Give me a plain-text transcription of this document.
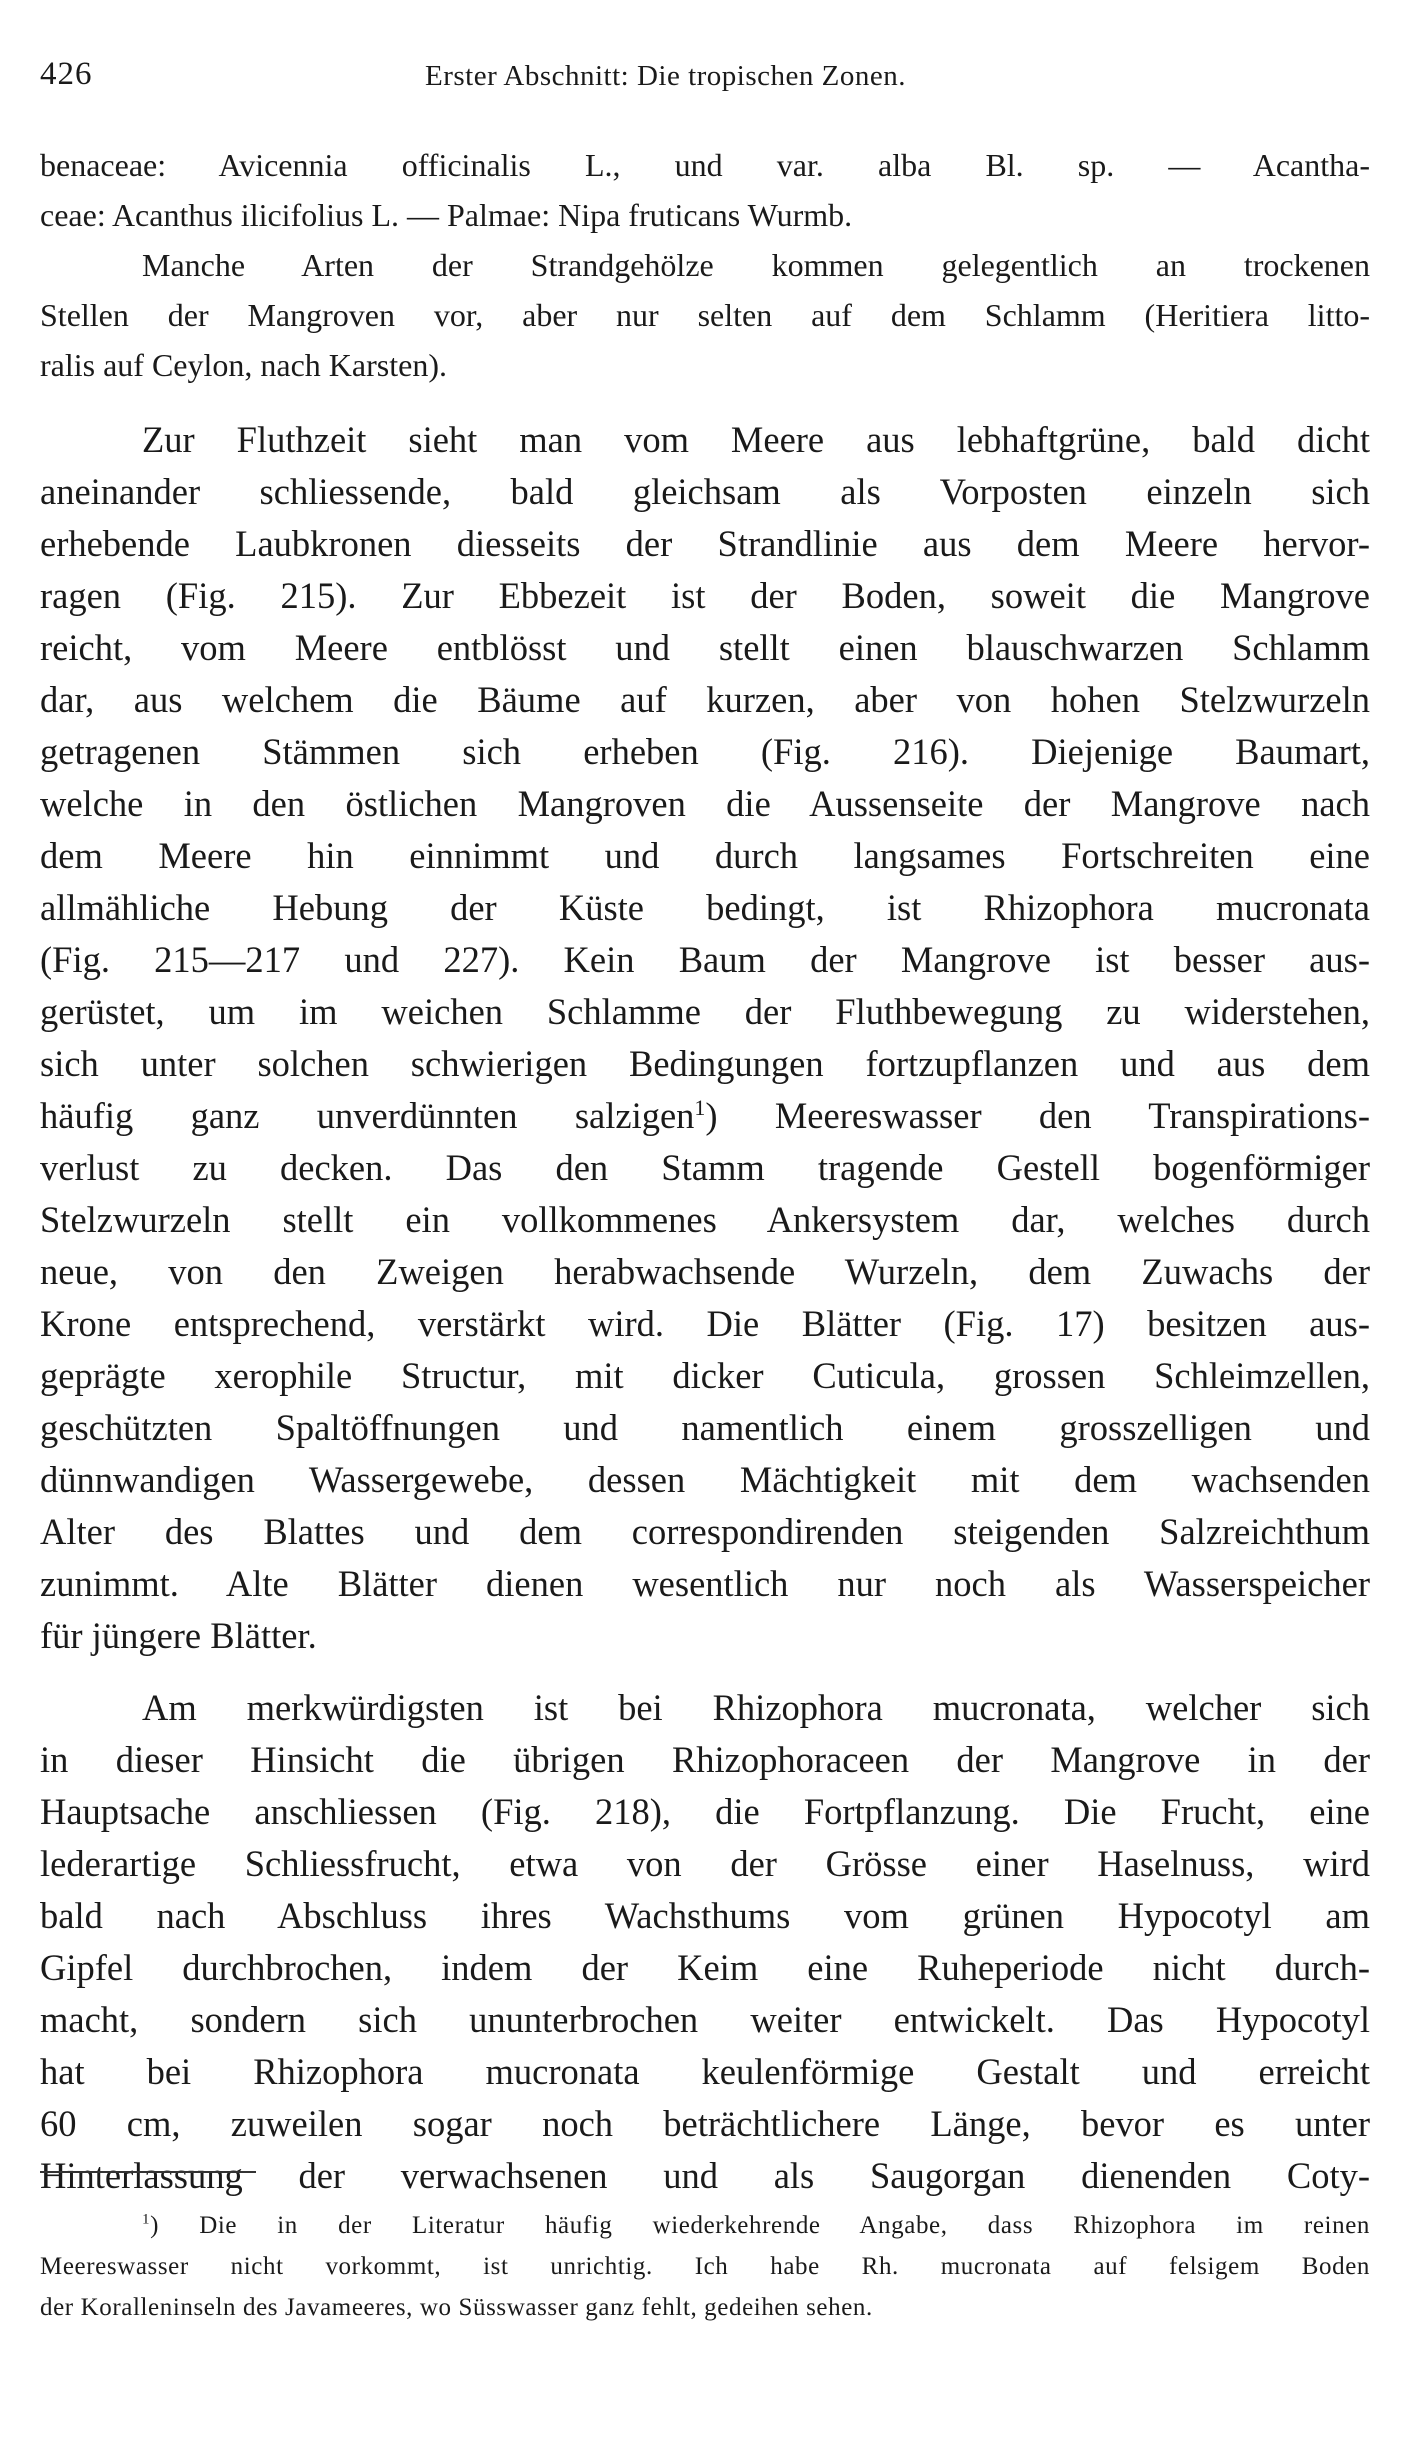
426	Erster Abschnitt: Die tropischen Zonen.

benaceae: Avicennia officinalis L., und var. alba Bl. sp. — Acantha-
ceae: Acanthus ilicifolius L. — Palmae: Nipa fruticans Wurmb.
Manche Arten der Strandgehölze kommen gelegentlich an trockenen
Stellen der Mangroven vor, aber nur selten auf dem Schlamm (Heritiera litto-
ralis auf Ceylon, nach Karsten).

Zur Fluthzeit sieht man vom Meere aus lebhaftgrüne, bald dicht
aneinander schliessende, bald gleichsam als Vorposten einzeln sich
erhebende Laubkronen diesseits der Strandlinie aus dem Meere hervor-
ragen (Fig. 215). Zur Ebbezeit ist der Boden, soweit die Mangrove
reicht, vom Meere entblösst und stellt einen blauschwarzen Schlamm
dar, aus welchem die Bäume auf kurzen, aber von hohen Stelzwurzeln
getragenen Stämmen sich erheben (Fig. 216). Diejenige Baumart,
welche in den östlichen Mangroven die Aussenseite der Mangrove nach
dem Meere hin einnimmt und durch langsames Fortschreiten eine
allmähliche Hebung der Küste bedingt, ist Rhizophora mucronata
(Fig. 215—217 und 227). Kein Baum der Mangrove ist besser aus-
gerüstet, um im weichen Schlamme der Fluthbewegung zu widerstehen,
sich unter solchen schwierigen Bedingungen fortzupflanzen und aus dem
häufig ganz unverdünnten salzigen$^1$) Meereswasser den Transpirations-
verlust zu decken. Das den Stamm tragende Gestell bogenförmiger
Stelzwurzeln stellt ein vollkommenes Ankersystem dar, welches durch
neue, von den Zweigen herabwachsende Wurzeln, dem Zuwachs der
Krone entsprechend, verstärkt wird. Die Blätter (Fig. 17) besitzen aus-
geprägte xerophile Structur, mit dicker Cuticula, grossen Schleimzellen,
geschützten Spaltöffnungen und namentlich einem grosszelligen und
dünnwandigen Wassergewebe, dessen Mächtigkeit mit dem wachsenden
Alter des Blattes und dem correspondirenden steigenden Salzreichthum
zunimmt. Alte Blätter dienen wesentlich nur noch als Wasserspeicher
für jüngere Blätter.

Am merkwürdigsten ist bei Rhizophora mucronata, welcher sich
in dieser Hinsicht die übrigen Rhizophoraceen der Mangrove in der
Hauptsache anschliessen (Fig. 218), die Fortpflanzung. Die Frucht, eine
lederartige Schliessfrucht, etwa von der Grösse einer Haselnuss, wird
bald nach Abschluss ihres Wachsthums vom grünen Hypocotyl am
Gipfel durchbrochen, indem der Keim eine Ruheperiode nicht durch-
macht, sondern sich ununterbrochen weiter entwickelt. Das Hypocotyl
hat bei Rhizophora mucronata keulenförmige Gestalt und erreicht
60 cm, zuweilen sogar noch beträchtlichere Länge, bevor es unter
Hinterlassung der verwachsenen und als Saugorgan dienenden Coty-

$^1$) Die in der Literatur häufig wiederkehrende Angabe, dass Rhizophora im reinen
Meereswasser nicht vorkommt, ist unrichtig. Ich habe Rh. mucronata auf felsigem Boden
der Koralleninseln des Javameeres, wo Süsswasser ganz fehlt, gedeihen sehen.
